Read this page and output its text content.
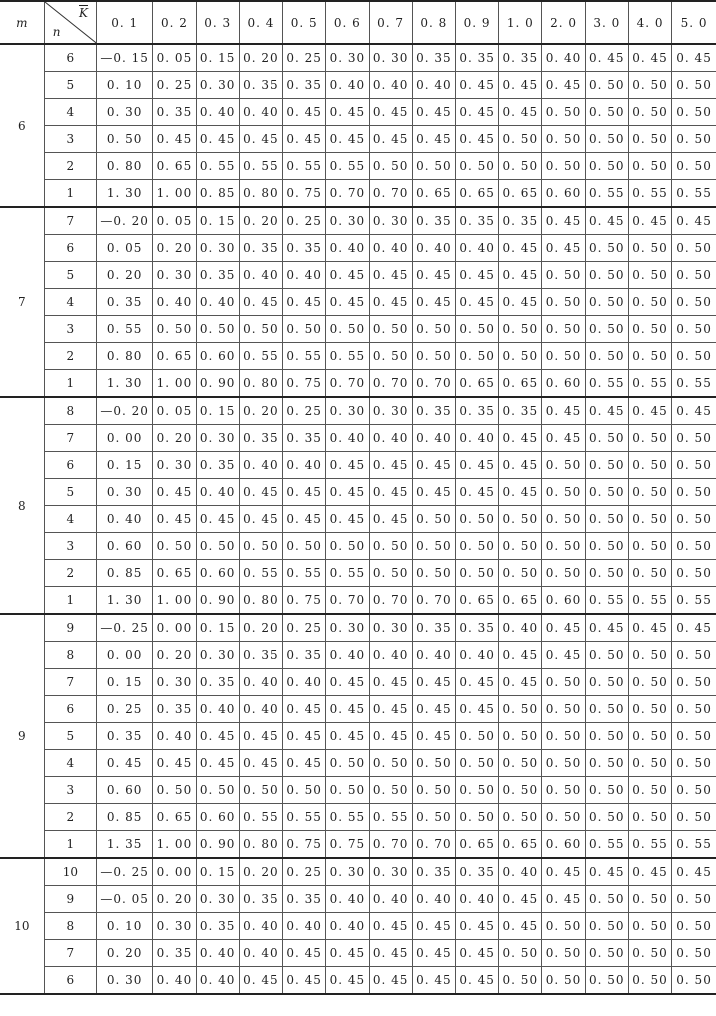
m	K
n	0. 1	0. 2	0. 3	0. 4	0. 5	0. 6	0. 7	0. 8	0. 9	1. 0	2. 0	3. 0	4. 0	5. 0
6	6	—0. 15	0. 05	0. 15	0. 20	0. 25	0. 30	0. 30	0. 35	0. 35	0. 35	0. 40	0. 45	0. 45	0. 45
	5	0. 10	0. 25	0. 30	0. 35	0. 35	0. 40	0. 40	0. 40	0. 45	0. 45	0. 45	0. 50	0. 50	0. 50
	4	0. 30	0. 35	0. 40	0. 40	0. 45	0. 45	0. 45	0. 45	0. 45	0. 45	0. 50	0. 50	0. 50	0. 50
	3	0. 50	0. 45	0. 45	0. 45	0. 45	0. 45	0. 45	0. 45	0. 45	0. 50	0. 50	0. 50	0. 50	0. 50
	2	0. 80	0. 65	0. 55	0. 55	0. 55	0. 55	0. 50	0. 50	0. 50	0. 50	0. 50	0. 50	0. 50	0. 50
	1	1. 30	1. 00	0. 85	0. 80	0. 75	0. 70	0. 70	0. 65	0. 65	0. 65	0. 60	0. 55	0. 55	0. 55
7	7	—0. 20	0. 05	0. 15	0. 20	0. 25	0. 30	0. 30	0. 35	0. 35	0. 35	0. 45	0. 45	0. 45	0. 45
	6	0. 05	0. 20	0. 30	0. 35	0. 35	0. 40	0. 40	0. 40	0. 40	0. 45	0. 45	0. 50	0. 50	0. 50
	5	0. 20	0. 30	0. 35	0. 40	0. 40	0. 45	0. 45	0. 45	0. 45	0. 45	0. 50	0. 50	0. 50	0. 50
	4	0. 35	0. 40	0. 40	0. 45	0. 45	0. 45	0. 45	0. 45	0. 45	0. 45	0. 50	0. 50	0. 50	0. 50
	3	0. 55	0. 50	0. 50	0. 50	0. 50	0. 50	0. 50	0. 50	0. 50	0. 50	0. 50	0. 50	0. 50	0. 50
	2	0. 80	0. 65	0. 60	0. 55	0. 55	0. 55	0. 50	0. 50	0. 50	0. 50	0. 50	0. 50	0. 50	0. 50
	1	1. 30	1. 00	0. 90	0. 80	0. 75	0. 70	0. 70	0. 70	0. 65	0. 65	0. 60	0. 55	0. 55	0. 55
8	8	—0. 20	0. 05	0. 15	0. 20	0. 25	0. 30	0. 30	0. 35	0. 35	0. 35	0. 45	0. 45	0. 45	0. 45
	7	0. 00	0. 20	0. 30	0. 35	0. 35	0. 40	0. 40	0. 40	0. 40	0. 45	0. 45	0. 50	0. 50	0. 50
	6	0. 15	0. 30	0. 35	0. 40	0. 40	0. 45	0. 45	0. 45	0. 45	0. 45	0. 50	0. 50	0. 50	0. 50
	5	0. 30	0. 45	0. 40	0. 45	0. 45	0. 45	0. 45	0. 45	0. 45	0. 45	0. 50	0. 50	0. 50	0. 50
	4	0. 40	0. 45	0. 45	0. 45	0. 45	0. 45	0. 45	0. 50	0. 50	0. 50	0. 50	0. 50	0. 50	0. 50
	3	0. 60	0. 50	0. 50	0. 50	0. 50	0. 50	0. 50	0. 50	0. 50	0. 50	0. 50	0. 50	0. 50	0. 50
	2	0. 85	0. 65	0. 60	0. 55	0. 55	0. 55	0. 50	0. 50	0. 50	0. 50	0. 50	0. 50	0. 50	0. 50
	1	1. 30	1. 00	0. 90	0. 80	0. 75	0. 70	0. 70	0. 70	0. 65	0. 65	0. 60	0. 55	0. 55	0. 55
9	9	—0. 25	0. 00	0. 15	0. 20	0. 25	0. 30	0. 30	0. 35	0. 35	0. 40	0. 45	0. 45	0. 45	0. 45
	8	0. 00	0. 20	0. 30	0. 35	0. 35	0. 40	0. 40	0. 40	0. 40	0. 45	0. 45	0. 50	0. 50	0. 50
	7	0. 15	0. 30	0. 35	0. 40	0. 40	0. 45	0. 45	0. 45	0. 45	0. 45	0. 50	0. 50	0. 50	0. 50
	6	0. 25	0. 35	0. 40	0. 40	0. 45	0. 45	0. 45	0. 45	0. 45	0. 50	0. 50	0. 50	0. 50	0. 50
	5	0. 35	0. 40	0. 45	0. 45	0. 45	0. 45	0. 45	0. 45	0. 50	0. 50	0. 50	0. 50	0. 50	0. 50
	4	0. 45	0. 45	0. 45	0. 45	0. 45	0. 50	0. 50	0. 50	0. 50	0. 50	0. 50	0. 50	0. 50	0. 50
	3	0. 60	0. 50	0. 50	0. 50	0. 50	0. 50	0. 50	0. 50	0. 50	0. 50	0. 50	0. 50	0. 50	0. 50
	2	0. 85	0. 65	0. 60	0. 55	0. 55	0. 55	0. 55	0. 50	0. 50	0. 50	0. 50	0. 50	0. 50	0. 50
	1	1. 35	1. 00	0. 90	0. 80	0. 75	0. 75	0. 70	0. 70	0. 65	0. 65	0. 60	0. 55	0. 55	0. 55
10	10	—0. 25	0. 00	0. 15	0. 20	0. 25	0. 30	0. 30	0. 35	0. 35	0. 40	0. 45	0. 45	0. 45	0. 45
	9	—0. 05	0. 20	0. 30	0. 35	0. 35	0. 40	0. 40	0. 40	0. 40	0. 45	0. 45	0. 50	0. 50	0. 50
	8	0. 10	0. 30	0. 35	0. 40	0. 40	0. 40	0. 45	0. 45	0. 45	0. 45	0. 50	0. 50	0. 50	0. 50
	7	0. 20	0. 35	0. 40	0. 40	0. 45	0. 45	0. 45	0. 45	0. 45	0. 50	0. 50	0. 50	0. 50	0. 50
	6	0. 30	0. 40	0. 40	0. 45	0. 45	0. 45	0. 45	0. 45	0. 45	0. 50	0. 50	0. 50	0. 50	0. 50
